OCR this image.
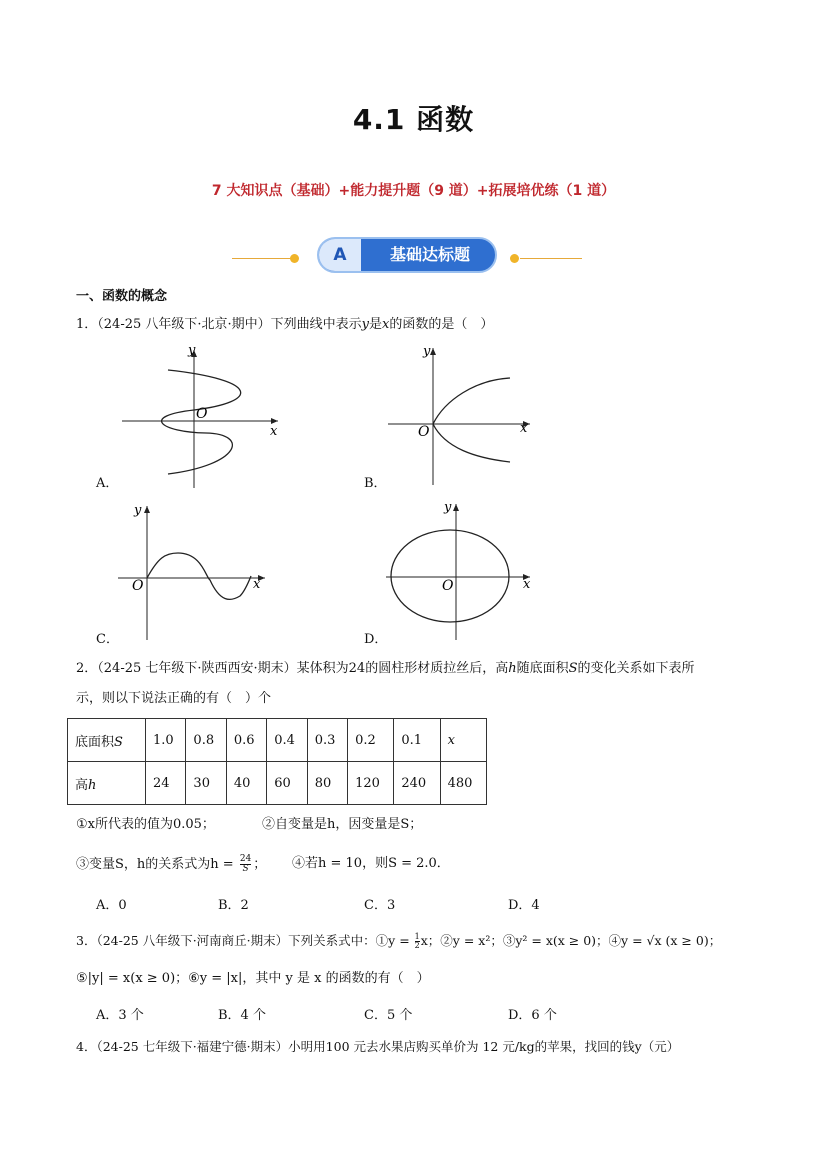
4.1 函数
7 大知识点（基础）+能力提升题（9 道）+拓展培优练（1 道）
A	基础达标题
一、函数的概念
1．（24-25 八年级下·北京·期中）下列曲线中表示y是x的函数的是（　）
y
x
O
A．
y
x
O
B．
y
x
O
C．
y
x
O
D．
2．（24-25 七年级下·陕西西安·期末）某体积为24的圆柱形材质拉丝后，高h随底面积S的变化关系如下表所
示，则以下说法正确的有（　）个
底面积S	1.0	0.8	0.6	0.4	0.3	0.2	0.1	x
高h	24	30	40	60	80	120	240	480
①x所代表的值为0.05；	②自变量是h，因变量是S；
③变量S，h的关系式为$h = \frac{24}{S}$ ； ④若h = 10，则S = 2.0．
A．0	B．2	C．3	D．4
3．（24-25 八年级下·河南商丘·期末）下列关系式中：①y = $\frac{1}{2}$ x；②y = x²；③y² = x(x ≥ 0)；④y = √x (x ≥ 0)；
⑤|y| = x(x ≥ 0)；⑥y = |x|，其中 y 是 x 的函数的有（　）
A．3 个	B．4 个	C．5 个	D．6 个
4．（24-25 七年级下·福建宁德·期末）小明用100 元去水果店购买单价为 12 元/kg的苹果，找回的钱y（元）
